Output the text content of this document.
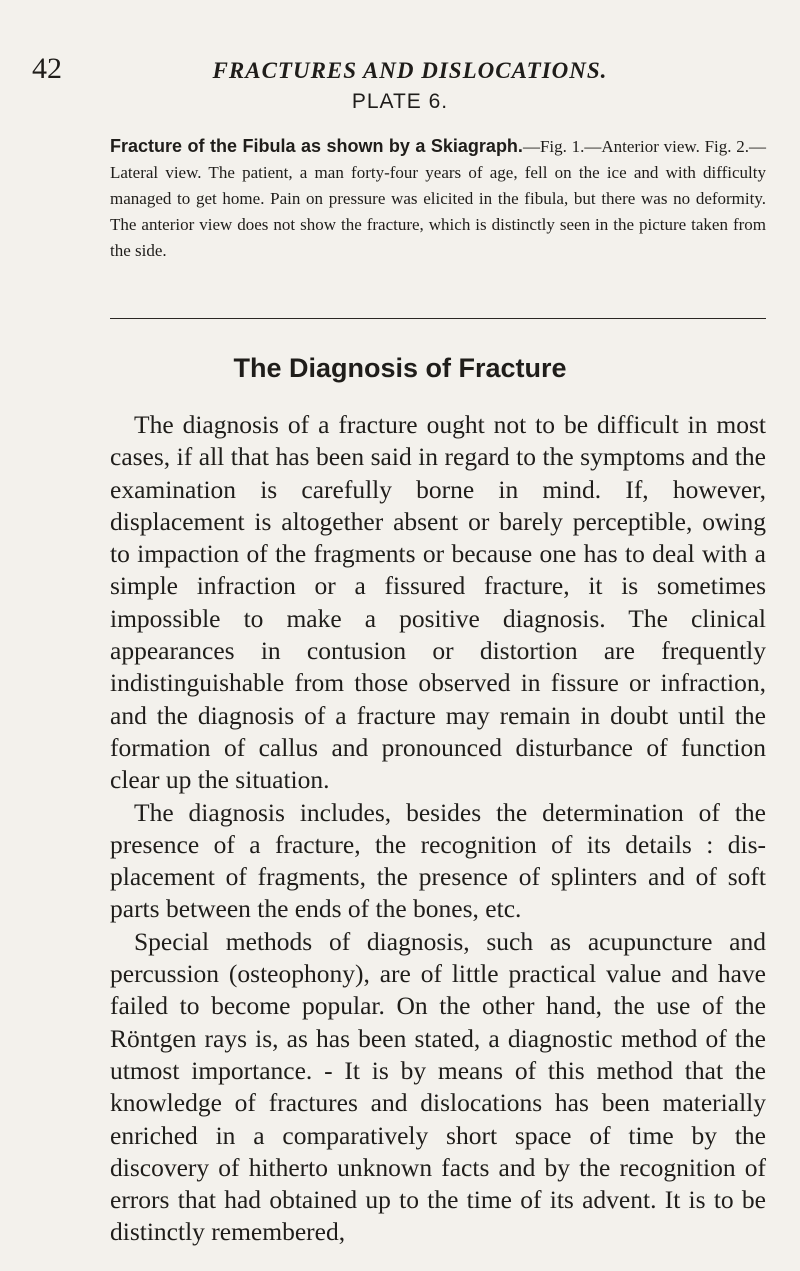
42	FRACTURES AND DISLOCATIONS.
PLATE 6.

Fracture of the Fibula as shown by a Skiagraph.—Fig. 1.—Anterior view. Fig. 2.—Lateral view. The patient, a man forty-four years of age, fell on the ice and with difficulty managed to get home. Pain on pressure was elicited in the fibula, but there was no deformity. The anterior view does not show the fracture, which is distinctly seen in the picture taken from the side.

The Diagnosis of Fracture

The diagnosis of a fracture ought not to be difficult in most cases, if all that has been said in regard to the symptoms and the examination is carefully borne in mind. If, however, displacement is altogether absent or barely perceptible, owing to impaction of the fragments or because one has to deal with a simple infraction or a fissured fracture, it is sometimes impossible to make a positive diagnosis. The clinical appearances in contusion or distortion are frequently indistinguishable from those observed in fissure or infraction, and the diagnosis of a fracture may remain in doubt until the formation of callus and pronounced disturbance of function clear up the situation.

The diagnosis includes, besides the determination of the presence of a fracture, the recognition of its details : displacement of fragments, the presence of splinters and of soft parts between the ends of the bones, etc.

Special methods of diagnosis, such as acupuncture and percussion (osteophony), are of little practical value and have failed to become popular. On the other hand, the use of the Röntgen rays is, as has been stated, a diagnostic method of the utmost importance. - It is by means of this method that the knowledge of fractures and dislocations has been materially enriched in a comparatively short space of time by the discovery of hitherto unknown facts and by the recognition of errors that had obtained up to the time of its advent. It is to be distinctly remembered,
